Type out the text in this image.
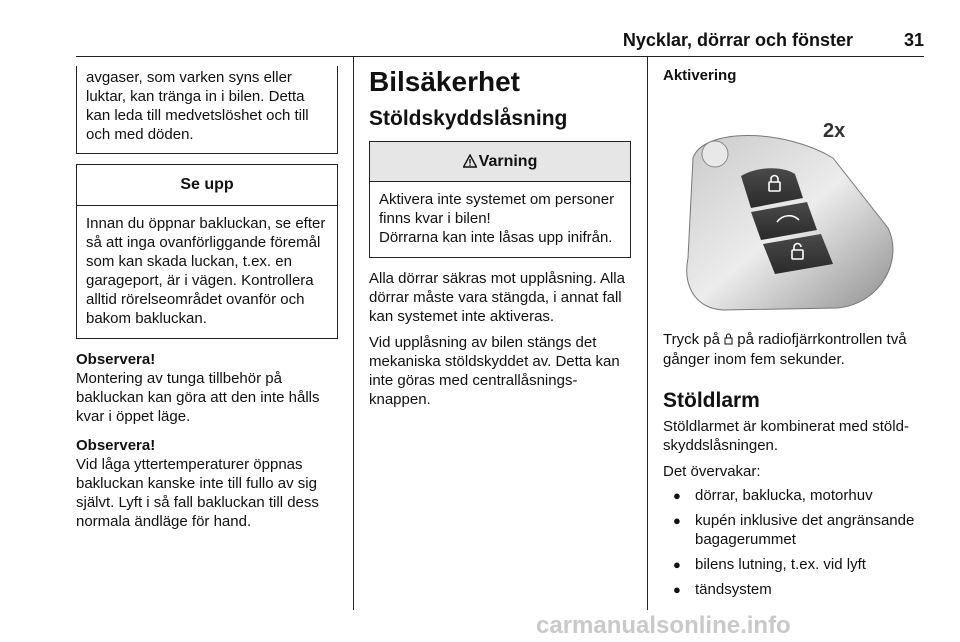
Nycklar, dörrar och fönster	31

avgaser, som varken syns eller luktar, kan tränga in i bilen. Detta kan leda till medvetslöshet och till och med döden.

Se upp
Innan du öppnar bakluckan, se efter så att inga ovanförliggande föremål som kan skada luckan, t.ex. en garageport, är i vägen. Kontrollera alltid rörelseområdet ovanför och bakom bakluckan.

Observera!

Montering av tunga tillbehör på bakluckan kan göra att den inte hålls kvar i öppet läge.

Observera!

Vid låga yttertemperaturer öppnas bakluckan kanske inte till fullo av sig självt. Lyft i så fall bakluckan till dess normala ändläge för hand.

Bilsäkerhet
Stöldskyddslåsning
Varning

Aktivera inte systemet om personer finns kvar i bilen!

Dörrarna kan inte låsas upp inifrån.

Alla dörrar säkras mot upplåsning. Alla dörrar måste vara stängda, i annat fall kan systemet inte aktiveras.

Vid upplåsning av bilen stängs det mekaniska stöldskyddet av. Detta kan inte göras med centrallåsnings-knappen.

Aktivering
2x

Tryck på på radiofjärrkontrollen två gånger inom fem sekunder.

Stöldlarm

Stöldlarmet är kombinerat med stöld-skyddslåsningen.

Det övervakar:

● dörrar, baklucka, motorhuv
● kupén inklusive det angränsande bagagerummet
● bilens lutning, t.ex. vid lyft
● tändsystem
carmanualsonline.info
